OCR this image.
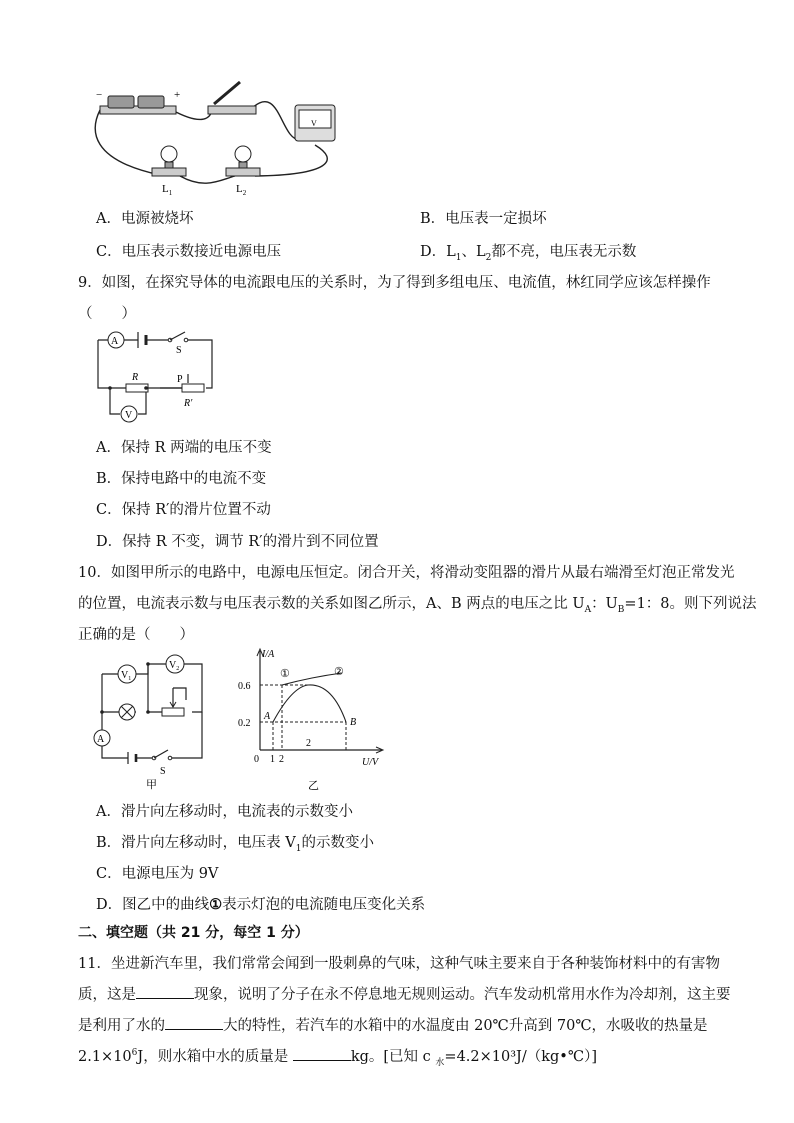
−	+
V
$L_1$	$L_2$
A．电源被烧坏	B．电压表一定损坏
C．电压表示数接近电源电压	D．$L_1$、$L_2$都不亮，电压表无示数
9．如图，在探究导体的电流跟电压的关系时，为了得到多组电压、电流值，林红同学应该怎样操作
（　　）
A
S
R	P
R′
V
A．保持 R 两端的电压不变
B．保持电路中的电流不变
C．保持 R′的滑片位置不动
D．保持 R 不变，调节 R′的滑片到不同位置
10．如图甲所示的电路中，电源电压恒定。闭合开关，将滑动变阻器的滑片从最右端滑至灯泡正常发光
的位置，电流表示数与电压表示数的关系如图乙所示，A、B 两点的电压之比 $U_A$：$U_B=1$：8。则下列说法
正确的是（　　）
$V_1$
$V_2$
A
S
甲
I/A
U/V
0.6
0.2
0 1 2
2
①	②
A
B
乙
A．滑片向左移动时，电流表的示数变小
B．滑片向左移动时，电压表 $V_1$的示数变小
C．电源电压为 9V
D．图乙中的曲线①表示灯泡的电流随电压变化关系
二、填空题（共 21 分，每空 1 分）
11．坐进新汽车里，我们常常会闻到一股刺鼻的气味，这种气味主要来自于各种装饰材料中的有害物
质，这是	现象，说明了分子在永不停息地无规则运动。汽车发动机常用水作为冷却剂，这主要
是利用了水的	大的特性，若汽车的水箱中的水温度由 20℃升高到 70℃，水吸收的热量是
$2.1\times 10^6J$，则水箱中水的质量是	kg。[已知 c $_水$=4.2×10³J/（kg•℃）]
